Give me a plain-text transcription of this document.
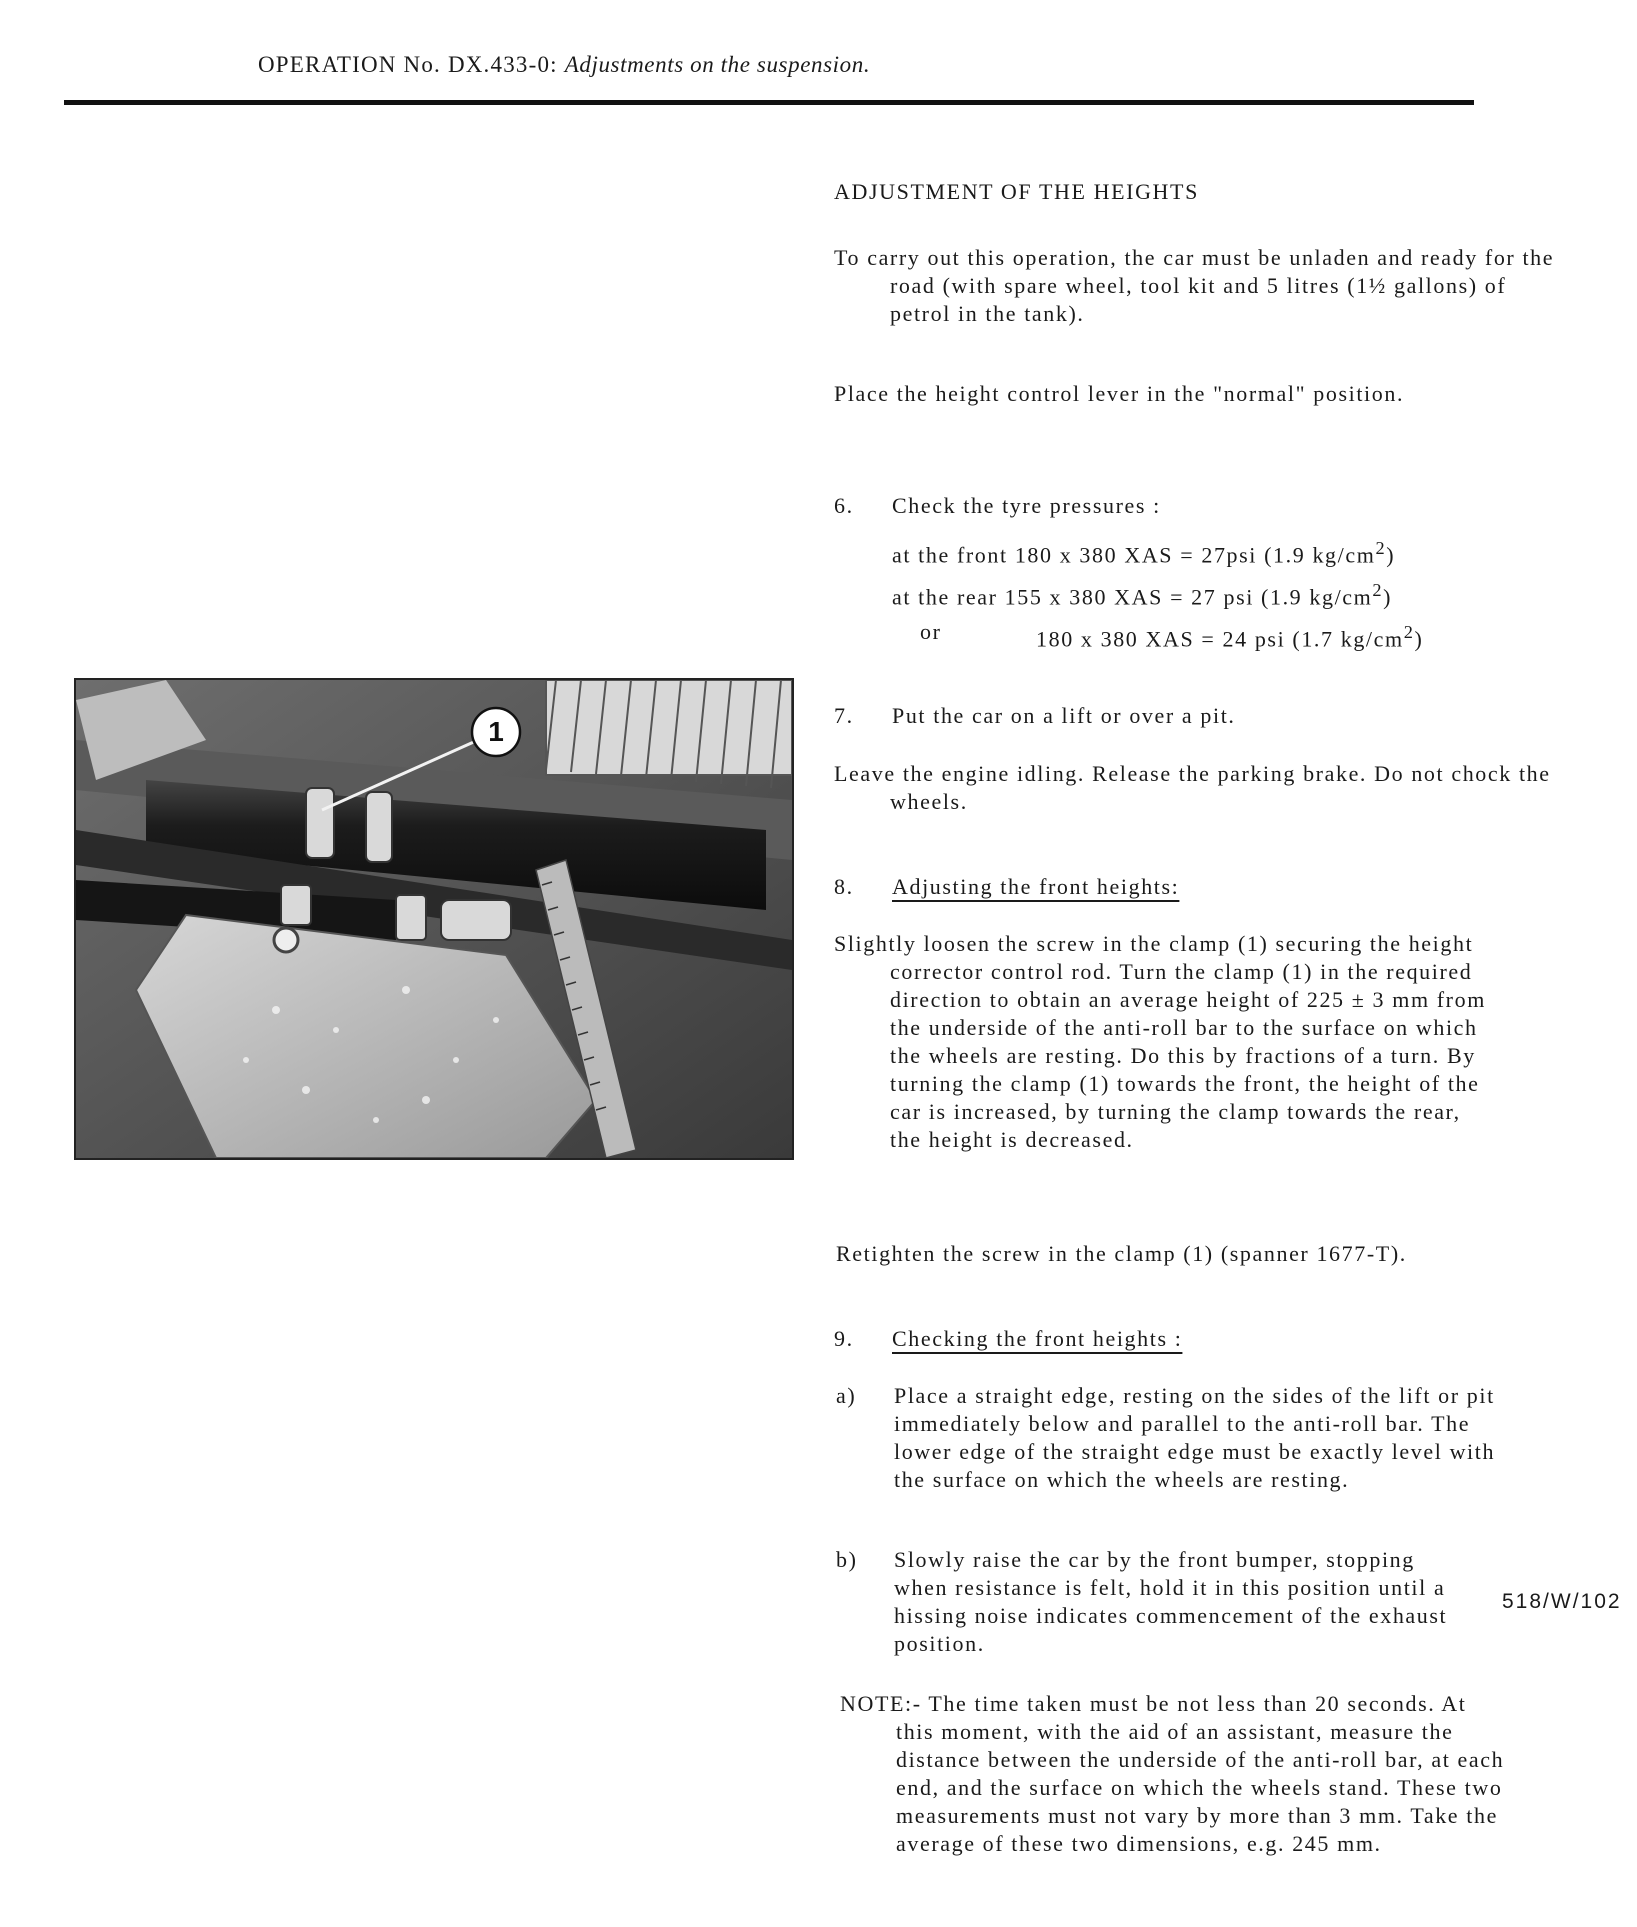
OPERATION No. DX.433-0: Adjustments on the suspension.
1
ADJUSTMENT OF THE HEIGHTS
To carry out this operation, the car must be unladen and ready for the road (with spare wheel, tool kit and 5 litres (1½ gallons) of petrol in the tank).
Place the height control lever in the "normal" position.
6. Check the tyre pressures :
at the front 180 x 380 XAS = 27psi (1.9 $kg/cm^2$)
at the rear 155 x 380 XAS = 27 psi (1.9 $kg/cm^2$)
or	180 x 380 XAS = 24 psi (1.7 $kg/cm^2$)
7. Put the car on a lift or over a pit.
Leave the engine idling. Release the parking brake. Do not chock the wheels.
8. Adjusting the front heights:
Slightly loosen the screw in the clamp (1) securing the height corrector control rod. Turn the clamp (1) in the required direction to obtain an average height of 225 ± 3 mm from the underside of the anti-roll bar to the surface on which the wheels are resting. Do this by fractions of a turn. By turning the clamp (1) towards the front, the height of the car is increased, by turning the clamp towards the rear, the height is decreased.
Retighten the screw in the clamp (1) (spanner 1677-T).
9. Checking the front heights :
a)	Place a straight edge, resting on the sides of the lift or pit immediately below and parallel to the anti-roll bar. The lower edge of the straight edge must be exactly level with the surface on which the wheels are resting.
b)	Slowly raise the car by the front bumper, stopping when resistance is felt, hold it in this position until a hissing noise indicates commencement of the exhaust position.
NOTE:- The time taken must be not less than 20 seconds. At this moment, with the aid of an assistant, measure the distance between the underside of the anti-roll bar, at each end, and the surface on which the wheels stand. These two measurements must not vary by more than 3 mm. Take the average of these two dimensions, e.g. 245 mm.
518/W/102
